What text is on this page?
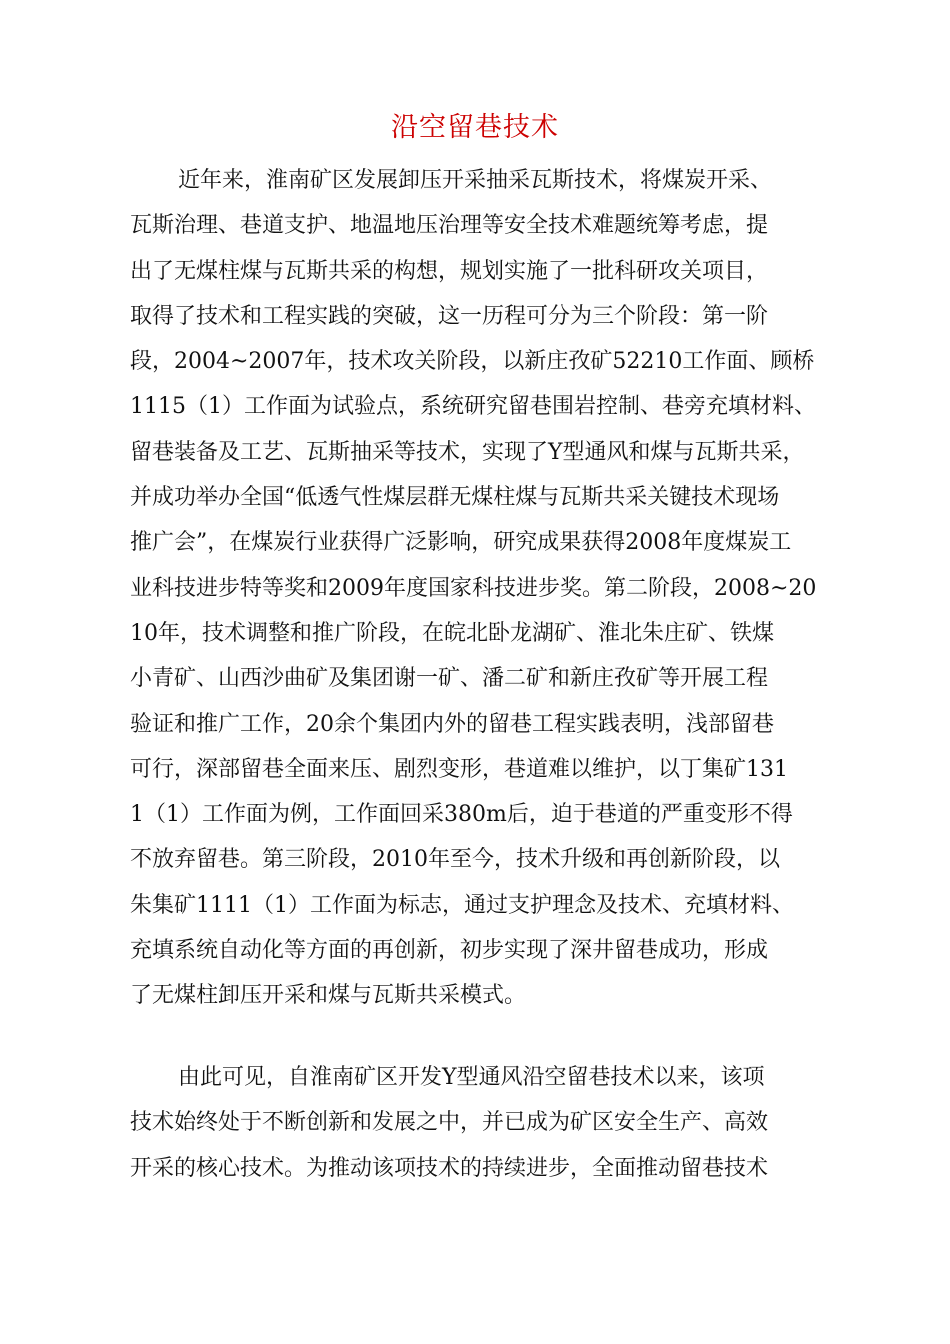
沿空留巷技术
近年来，淮南矿区发展卸压开采抽采瓦斯技术，将煤炭开采、
瓦斯治理、巷道支护、地温地压治理等安全技术难题统筹考虑，提
出了无煤柱煤与瓦斯共采的构想，规划实施了一批科研攻关项目，
取得了技术和工程实践的突破，这一历程可分为三个阶段：第一阶
段，2004~2007年，技术攻关阶段，以新庄孜矿52210工作面、顾桥
1115（1）工作面为试验点，系统研究留巷围岩控制、巷旁充填材料、
留巷装备及工艺、瓦斯抽采等技术，实现了Y型通风和煤与瓦斯共采，
并成功举办全国“低透气性煤层群无煤柱煤与瓦斯共采关键技术现场
推广会”，在煤炭行业获得广泛影响，研究成果获得2008年度煤炭工
业科技进步特等奖和2009年度国家科技进步奖。第二阶段，2008~20
10年，技术调整和推广阶段，在皖北卧龙湖矿、淮北朱庄矿、铁煤
小青矿、山西沙曲矿及集团谢一矿、潘二矿和新庄孜矿等开展工程
验证和推广工作，20余个集团内外的留巷工程实践表明，浅部留巷
可行，深部留巷全面来压、剧烈变形，巷道难以维护，以丁集矿131
1（1）工作面为例，工作面回采380m后，迫于巷道的严重变形不得
不放弃留巷。第三阶段，2010年至今，技术升级和再创新阶段，以
朱集矿1111（1）工作面为标志，通过支护理念及技术、充填材料、
充填系统自动化等方面的再创新，初步实现了深井留巷成功，形成
了无煤柱卸压开采和煤与瓦斯共采模式。
由此可见，自淮南矿区开发Y型通风沿空留巷技术以来，该项
技术始终处于不断创新和发展之中，并已成为矿区安全生产、高效
开采的核心技术。为推动该项技术的持续进步，全面推动留巷技术
